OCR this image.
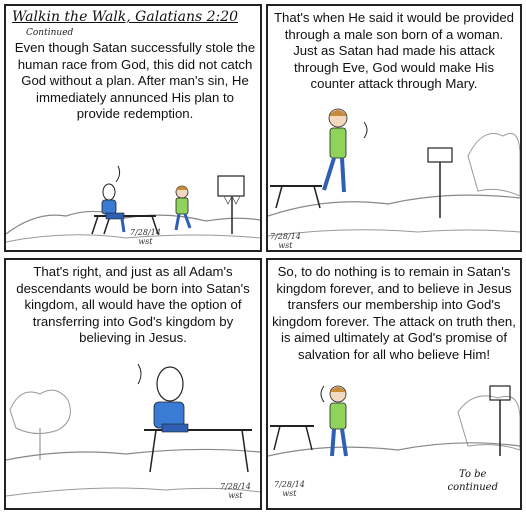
Walkin the Walk, Galatians 2:20
Continued
Even though Satan successfully stole the human race from God, this did not catch God without a plan. After man's sin, He immediately annunced His plan to provide redemption.
7/28/14
wst
That's when He said it would be provided through a male son born of a woman. Just as Satan had made his attack through Eve, God would make His counter attack through Mary.
7/28/14
wst
That's right, and just as all Adam's descendants would be born into Satan's kingdom, all would have the option of transferring into God's kingdom by believing in Jesus.
7/28/14
wst
So, to do nothing is to remain in Satan's kingdom forever, and to believe in Jesus transfers our membership into God's kingdom forever. The attack on truth then, is aimed ultimately at God's promise of salvation for all who believe Him!
7/28/14
wst
To be
continued
